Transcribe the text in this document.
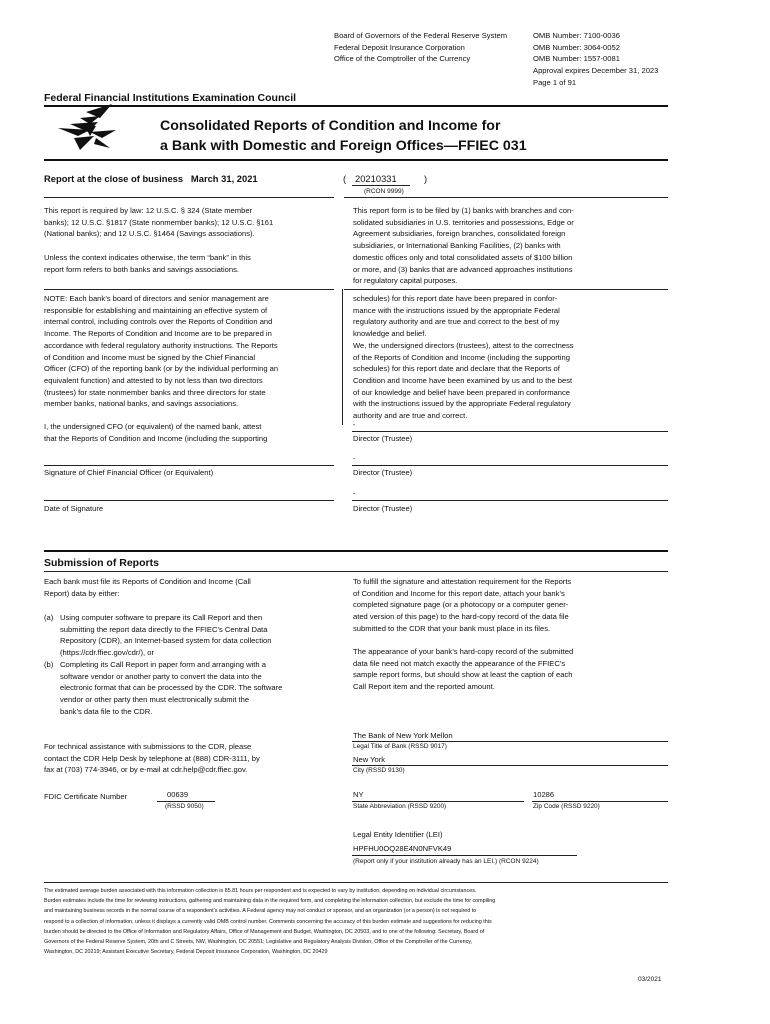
Board of Governors of the Federal Reserve System
Federal Deposit Insurance Corporation
Office of the Comptroller of the Currency
OMB Number: 7100-0036
OMB Number: 3064-0052
OMB Number: 1557-0081
Approval expires December 31, 2023
Page 1 of 91
Federal Financial Institutions Examination Council
Consolidated Reports of Condition and Income for
a Bank with Domestic and Foreign Offices—FFIEC 031
Report at the close of business March 31, 2021	( 20210331	)
(RCON 9999)
This report is required by law: 12 U.S.C. § 324 (State member
banks); 12 U.S.C. §1817 (State nonmember banks); 12 U.S.C. §161
(National banks); and 12 U.S.C. §1464 (Savings associations).
Unless the context indicates otherwise, the term “bank” in this
report form refers to both banks and savings associations.
This report form is to be filed by (1) banks with branches and con-
solidated subsidiaries in U.S. territories and possessions, Edge or
Agreement subsidiaries, foreign branches, consolidated foreign
subsidiaries, or International Banking Facilities, (2) banks with
domestic offices only and total consolidated assets of $100 billion
or more, and (3) banks that are advanced approaches institutions
for regulatory capital purposes.
NOTE: Each bank’s board of directors and senior management are
responsible for establishing and maintaining an effective system of
internal control, including controls over the Reports of Condition and
Income. The Reports of Condition and Income are to be prepared in
accordance with federal regulatory authority instructions. The Reports
of Condition and Income must be signed by the Chief Financial
Officer (CFO) of the reporting bank (or by the individual performing an
equivalent function) and attested to by not less than two directors
(trustees) for state nonmember banks and three directors for state
member banks, national banks, and savings associations.
I, the undersigned CFO (or equivalent) of the named bank, attest
that the Reports of Condition and Income (including the supporting
schedules) for this report date have been prepared in confor-
mance with the instructions issued by the appropriate Federal
regulatory authority and are true and correct to the best of my
knowledge and belief.
We, the undersigned directors (trustees), attest to the correctness
of the Reports of Condition and Income (including the supporting
schedules) for this report date and declare that the Reports of
Condition and Income have been examined by us and to the best
of our knowledge and belief have been prepared in conformance
with the instructions issued by the appropriate Federal regulatory
authority and are true and correct.
-
Director (Trustee)
-
Signature of Chief Financial Officer (or Equivalent)	Director (Trustee)
-
Date of Signature	Director (Trustee)
Submission of Reports
Each bank must file its Reports of Condition and Income (Call
Report) data by either:
(a) Using computer software to prepare its Call Report and then
submitting the report data directly to the FFIEC’s Central Data
Repository (CDR), an Internet-based system for data collection
(https://cdr.ffiec.gov/cdr/), or
(b) Completing its Call Report in paper form and arranging with a
software vendor or another party to convert the data into the
electronic format that can be processed by the CDR. The software
vendor or other party then must electronically submit the
bank’s data file to the CDR.
To fulfill the signature and attestation requirement for the Reports
of Condition and Income for this report date, attach your bank’s
completed signature page (or a photocopy or a computer gener-
ated version of this page) to the hard-copy record of the data file
submitted to the CDR that your bank must place in its files.
The appearance of your bank’s hard-copy record of the submitted
data file need not match exactly the appearance of the FFIEC’s
sample report forms, but should show at least the caption of each
Call Report item and the reported amount.
For technical assistance with submissions to the CDR, please
contact the CDR Help Desk by telephone at (888) CDR-3111, by
fax at (703) 774-3946, or by e-mail at cdr.help@cdr.ffiec.gov.
The Bank of New York Mellon
Legal Title of Bank (RSSD 9017)
New York
City (RSSD 9130)
FDIC Certificate Number	00639
(RSSD 9050)
NY
State Abbreviation (RSSD 9200)
10286
Zip Code (RSSD 9220)
Legal Entity Identifier (LEI)
HPFHU0OQ28E4N0NFVK49
(Report only if your institution already has an LEI.) (RCON 9224)
The estimated average burden associated with this information collection is 85.81 hours per respondent and is expected to vary by institution, depending on individual circumstances.
Burden estimates include the time for reviewing instructions, gathering and maintaining data in the required form, and completing the information collection, but exclude the time for compiling
and maintaining business records in the normal course of a respondent’s activities. A Federal agency may not conduct or sponsor, and an organization (or a person) is not required to
respond to a collection of information, unless it displays a currently valid OMB control number. Comments concerning the accuracy of this burden estimate and suggestions for reducing this
burden should be directed to the Office of Information and Regulatory Affairs, Office of Management and Budget, Washington, DC 20503, and to one of the following: Secretary, Board of
Governors of the Federal Reserve System, 20th and C Streets, NW, Washington, DC 20551; Legislative and Regulatory Analysis Division, Office of the Comptroller of the Currency,
Washington, DC 20219; Assistant Executive Secretary, Federal Deposit Insurance Corporation, Washington, DC 20429
03/2021
